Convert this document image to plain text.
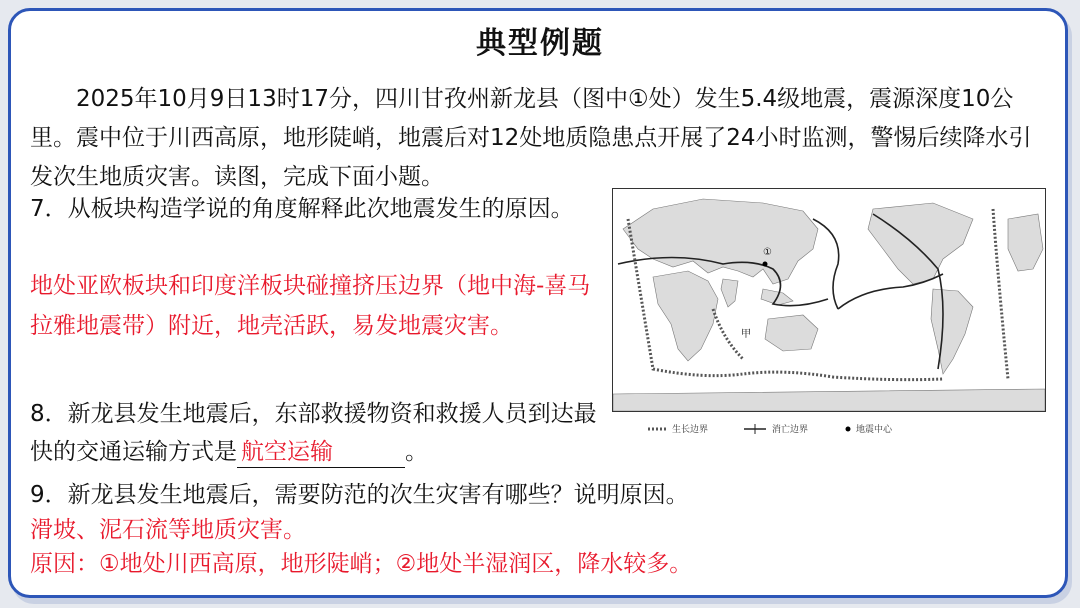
典型例题
2025年10月9日13时17分，四川甘孜州新龙县（图中①处）发生5.4级地震，震源深度10公里。震中位于川西高原，地形陡峭，地震后对12处地质隐患点开展了24小时监测，警惕后续降水引发次生地质灾害。读图，完成下面小题。
7．从板块构造学说的角度解释此次地震发生的原因。
地处亚欧板块和印度洋板块碰撞挤压边界（地中海-喜马拉雅地震带）附近，地壳活跃，易发地震灾害。
8．新龙县发生地震后，东部救援物资和救援人员到达最快的交通运输方式是 航空运输	。
9．新龙县发生地震后，需要防范的次生灾害有哪些？说明原因。
滑坡、泥石流等地质灾害。
原因：①地处川西高原，地形陡峭；②地处半湿润区，降水较多。
①
甲
生长边界	消亡边界	地震中心
